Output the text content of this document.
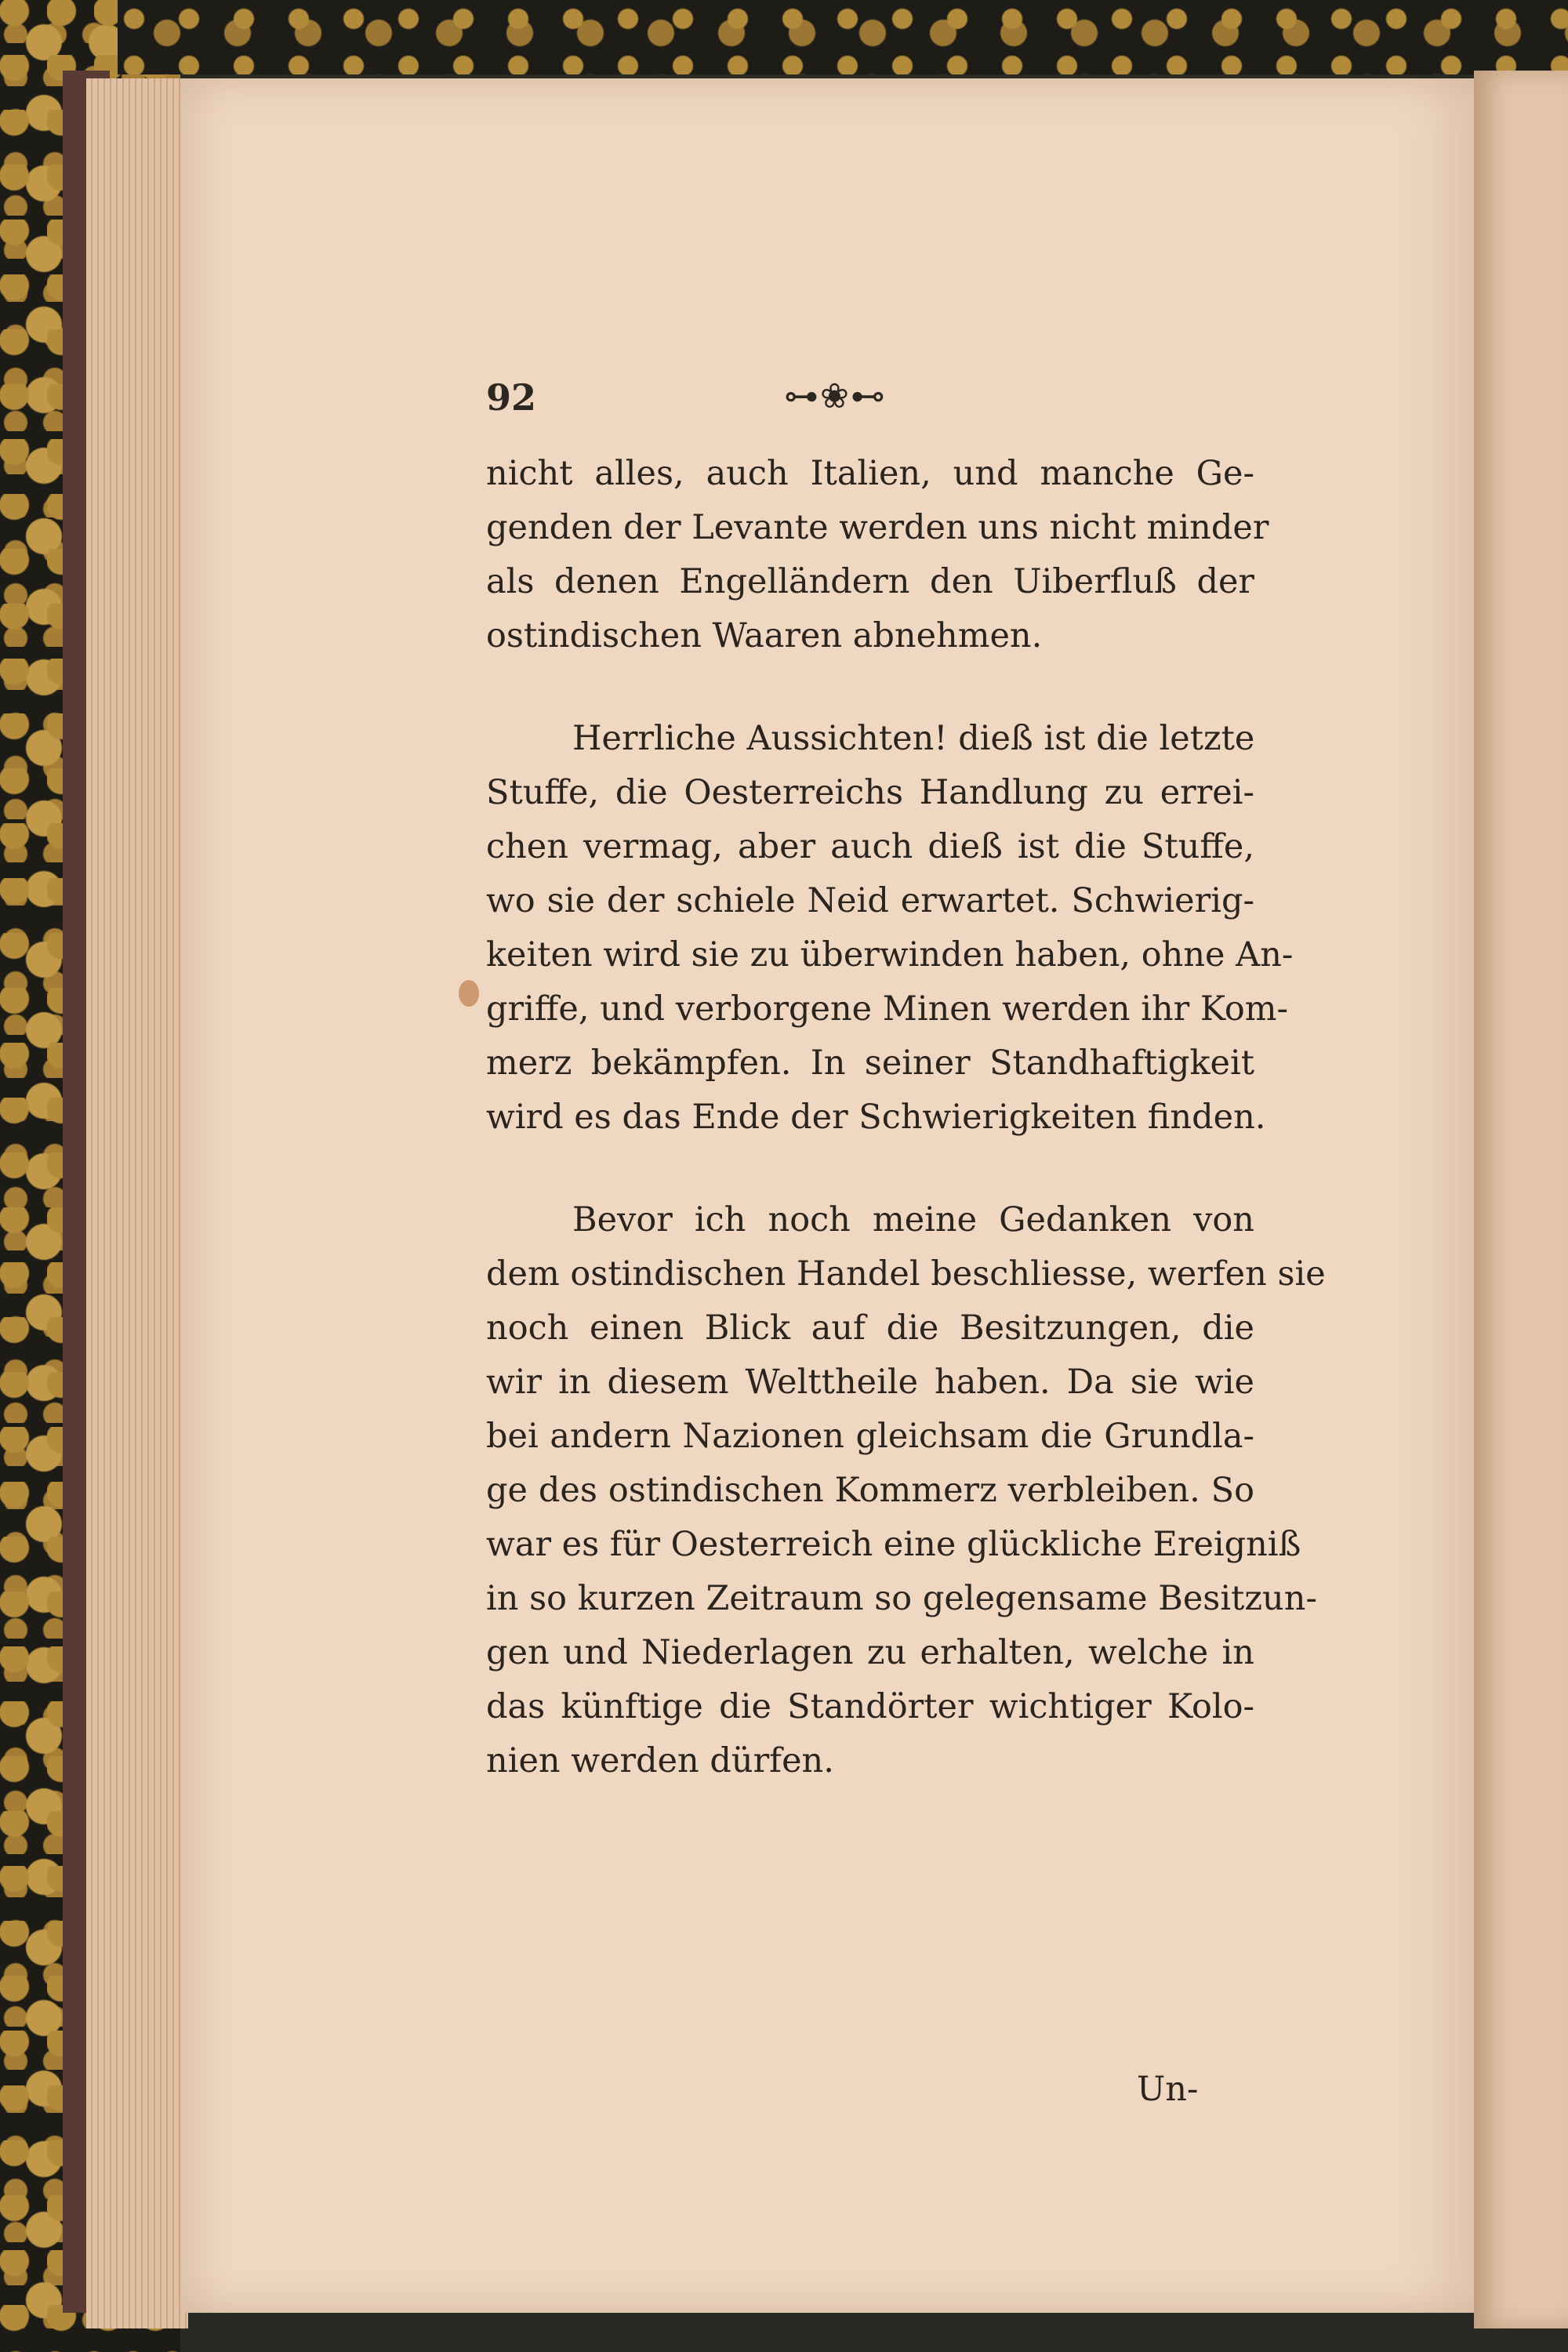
92	⊶❀⊷

nicht alles, auch Italien, und manche Ge-
genden der Levante werden uns nicht minder
als denen Engelländern den Uiberfluß der
ostindischen Waaren abnehmen.

Herrliche Aussichten! dieß ist die letzte
Stuffe, die Oesterreichs Handlung zu errei-
chen vermag, aber auch dieß ist die Stuffe,
wo sie der schiele Neid erwartet. Schwierig-
keiten wird sie zu überwinden haben, ohne An-
griffe, und verborgene Minen werden ihr Kom-
merz bekämpfen. In seiner Standhaftigkeit
wird es das Ende der Schwierigkeiten finden.

Bevor ich noch meine Gedanken von
dem ostindischen Handel beschliesse, werfen sie
noch einen Blick auf die Besitzungen, die
wir in diesem Welttheile haben. Da sie wie
bei andern Nazionen gleichsam die Grundla-
ge des ostindischen Kommerz verbleiben. So
war es für Oesterreich eine glückliche Ereigniß
in so kurzen Zeitraum so gelegensame Besitzun-
gen und Niederlagen zu erhalten, welche in
das künftige die Standörter wichtiger Kolo-
nien werden dürfen.

Un-
